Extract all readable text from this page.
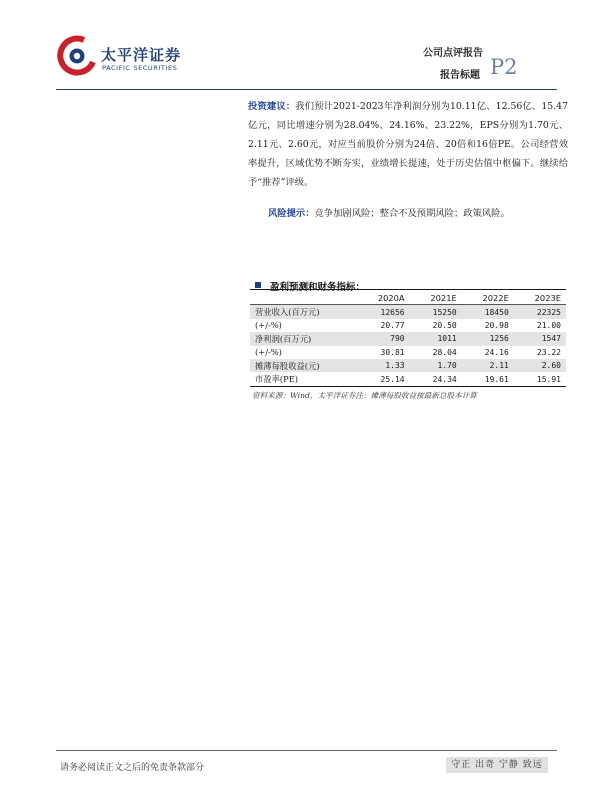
太平洋证券
PACIFIC SECURITIES
公司点评报告
报告标题 P2
投资建议：我们预计2021-2023年净利润分别为10.11亿、12.56亿、15.47亿元，同比增速分别为28.04%、24.16%、23.22%，EPS分别为1.70元、2.11元、2.60元，对应当前股价分别为24倍、20倍和16倍PE。公司经营效率提升，区域优势不断夯实，业绩增长提速，处于历史估值中枢偏下。继续给予“推荐”评级。
风险提示：竞争加剧风险；整合不及预期风险；政策风险。
盈利预测和财务指标：
	2020A	2021E	2022E	2023E
营业收入(百万元)	12656	15250	18450	22325
(+/-%)	20.77	20.50	20.98	21.00
净利润(百万元)	790	1011	1256	1547
(+/-%)	30.81	28.04	24.16	23.22
摊薄每股收益(元)	1.33	1.70	2.11	2.60
市盈率(PE)	25.14	24.34	19.61	15.91
资料来源：Wind，太平洋证券注：摊薄每股收益按最新总股本计算
请务必阅读正文之后的免责条款部分	守正 出奇 宁静 致远
